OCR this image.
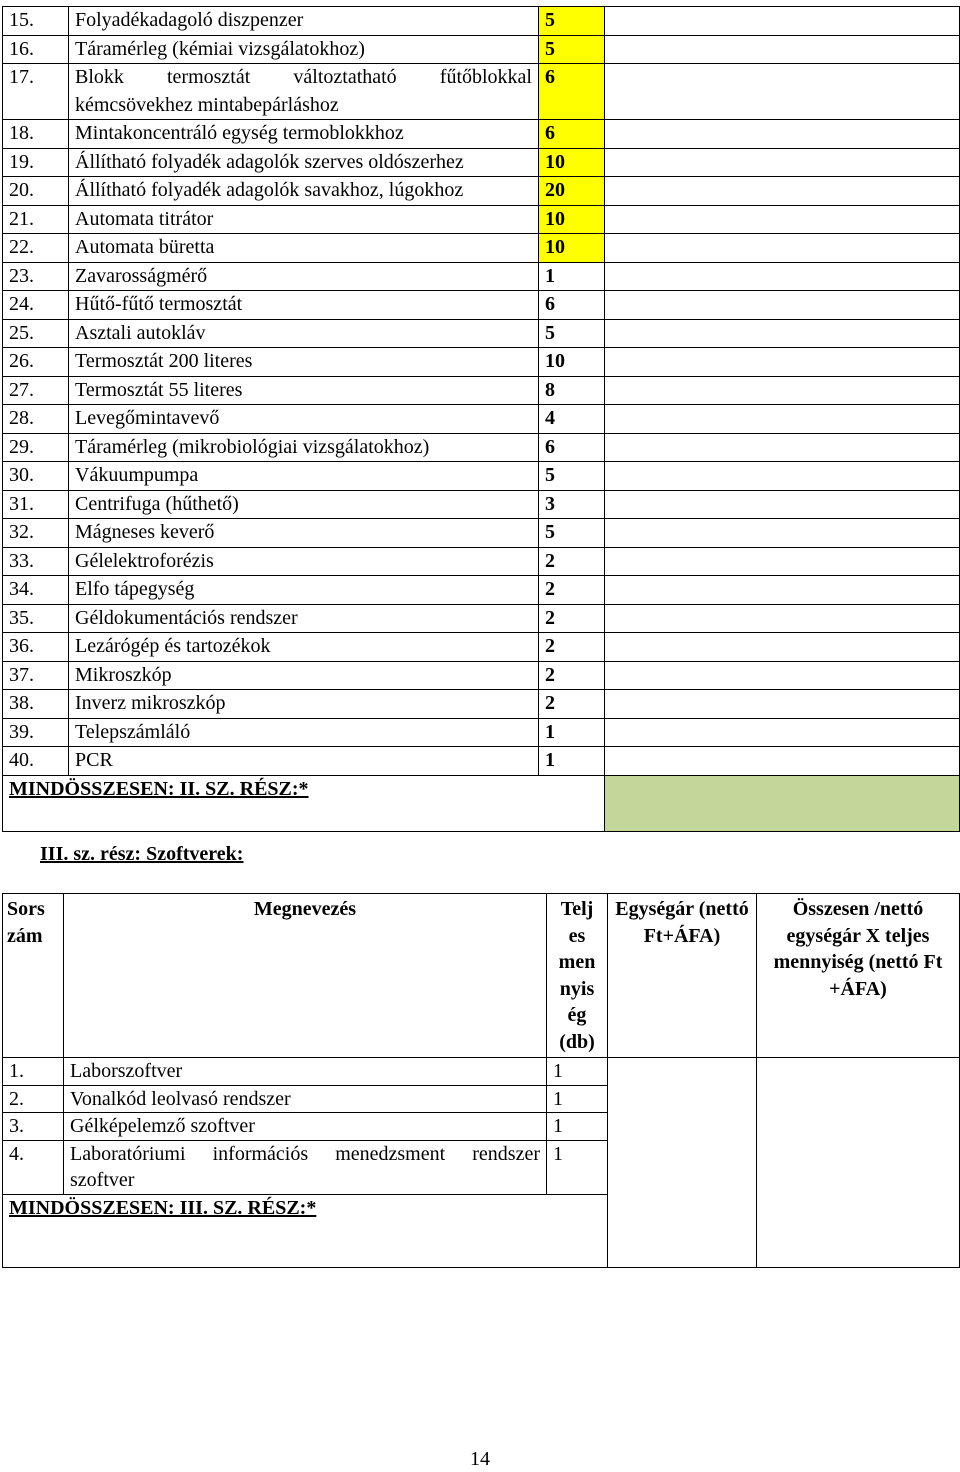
15.	Folyadékadagoló diszpenzer	5	
16.	Táramérleg (kémiai vizsgálatokhoz)	5	
17.	Blokk termosztát változtatható fűtőblokkal kémcsövekhez mintabepárláshoz	6	
18.	Mintakoncentráló egység termoblokkhoz	6	
19.	Állítható folyadék adagolók szerves oldószerhez	10	
20.	Állítható folyadék adagolók savakhoz, lúgokhoz	20	
21.	Automata titrátor	10	
22.	Automata büretta	10	
23.	Zavarosságmérő	1	
24.	Hűtő-fűtő termosztát	6	
25.	Asztali autokláv	5	
26.	Termosztát 200 literes	10	
27.	Termosztát 55 literes	8	
28.	Levegőmintavevő	4	
29.	Táramérleg (mikrobiológiai vizsgálatokhoz)	6	
30.	Vákuumpumpa	5	
31.	Centrifuga (hűthető)	3	
32.	Mágneses keverő	5	
33.	Gélelektroforézis	2	
34.	Elfo tápegység	2	
35.	Géldokumentációs rendszer	2	
36.	Lezárógép és tartozékok	2	
37.	Mikroszkóp	2	
38.	Inverz mikroszkóp	2	
39.	Telepszámláló	1	
40.	PCR	1	
MINDÖSSZESEN: II. SZ. RÉSZ:*			
III. sz. rész: Szoftverek:
Sors zám	Megnevezés	Telj es men nyis ég (db)	Egységár (nettó Ft+ÁFA)	Összesen /nettó egységár X teljes mennyiség (nettó Ft +ÁFA)
1.	Laborszoftver	1		
2.	Vonalkód leolvasó rendszer	1		
3.	Gélképelemző szoftver	1		
4.	Laboratóriumi információs menedzsment rendszer szoftver	1		
MINDÖSSZESEN: III. SZ. RÉSZ:*				
14
